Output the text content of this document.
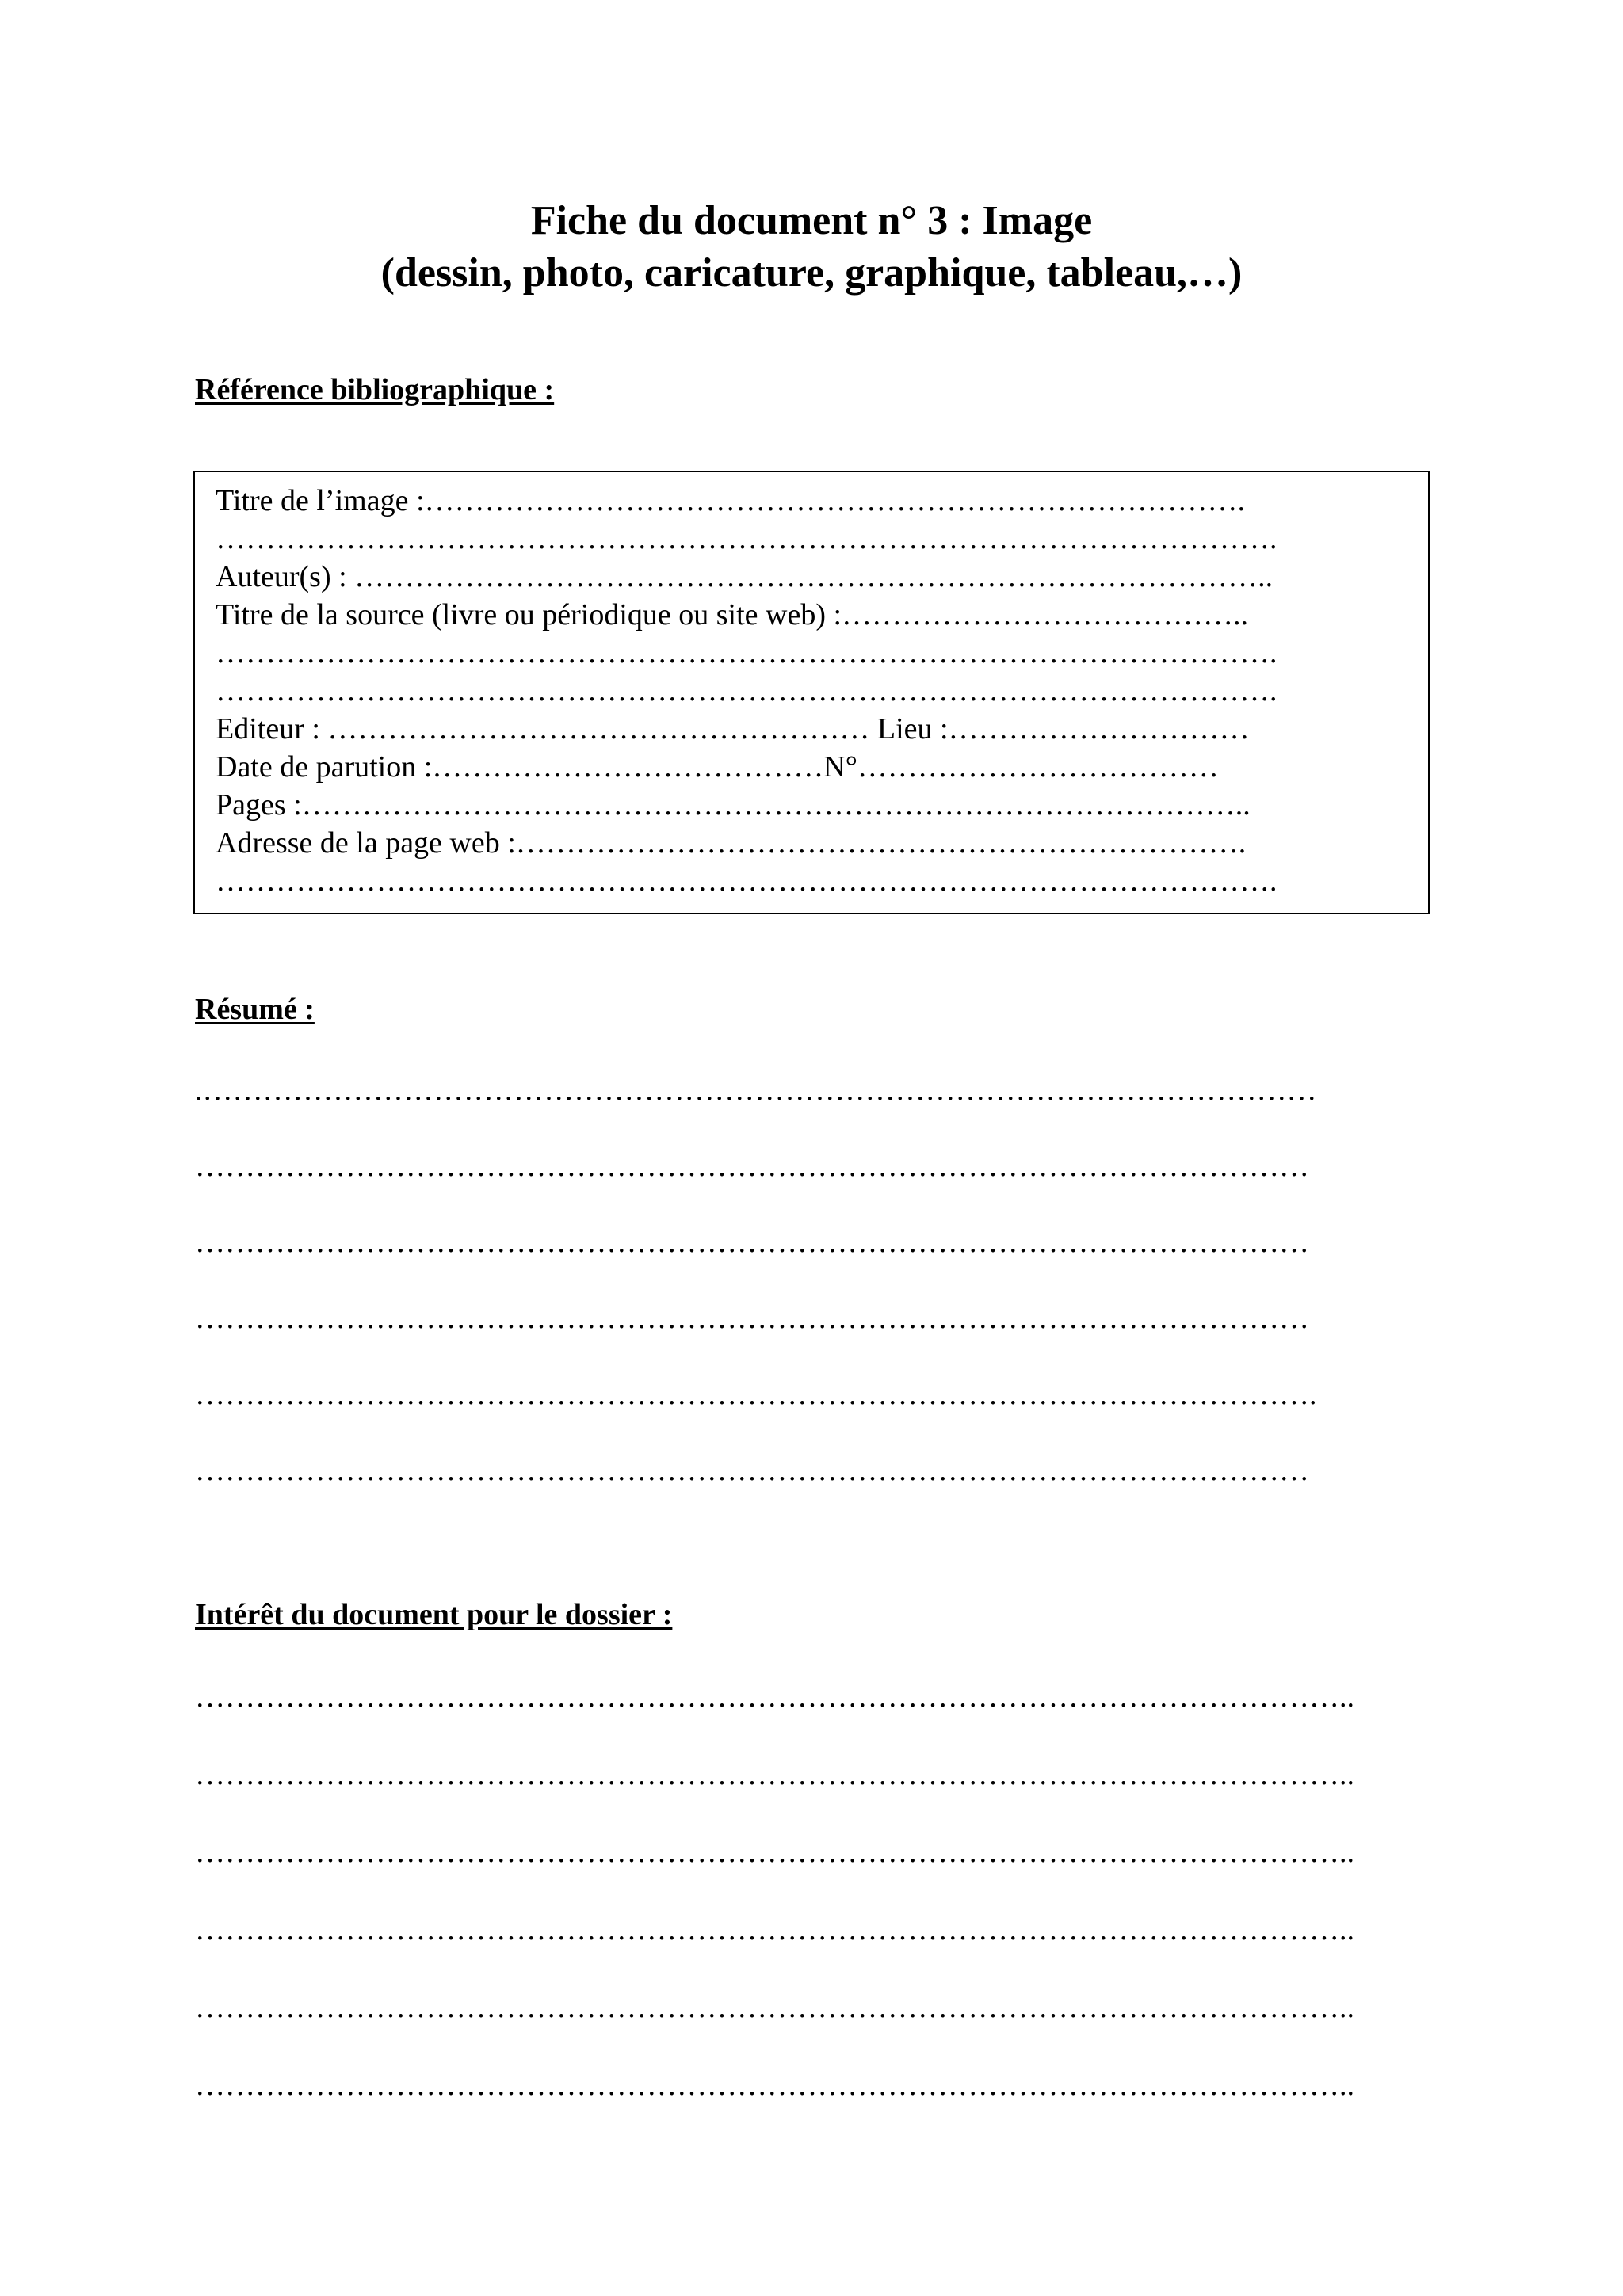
Fiche du document n° 3 : Image
(dessin, photo, caricature, graphique, tableau,…)
Référence bibliographique :

Titre de l’image :……………………………………………………………………….

…………………………………………………………………………………………….

Auteur(s) : ………………………………………………………………………………..

Titre de la source (livre ou périodique ou site web) :…………………………………..

…………………………………………………………………………………………….

…………………………………………………………………………………………….

Editeur : ……………………………………………… Lieu :…………………………

Date de parution :…………………………………N°………………………………

Pages :…………………………………………………………………………………..

Adresse de la page web :……………………………………………………………….

…………………………………………………………………………………………….

Résumé :

.…………………………………………………………………………………………………

…………………………………………………………………………………………………

…………………………………………………………………………………………………

…………………………………………………………………………………………………

………………………………………………………………………………………………….

…………………………………………………………………………………………………

Intérêt du document pour le dossier :

……………………………………………………………………………………………………..

……………………………………………………………………………………………………..

……………………………………………………………………………………………………..

……………………………………………………………………………………………………..

……………………………………………………………………………………………………..

……………………………………………………………………………………………………..
